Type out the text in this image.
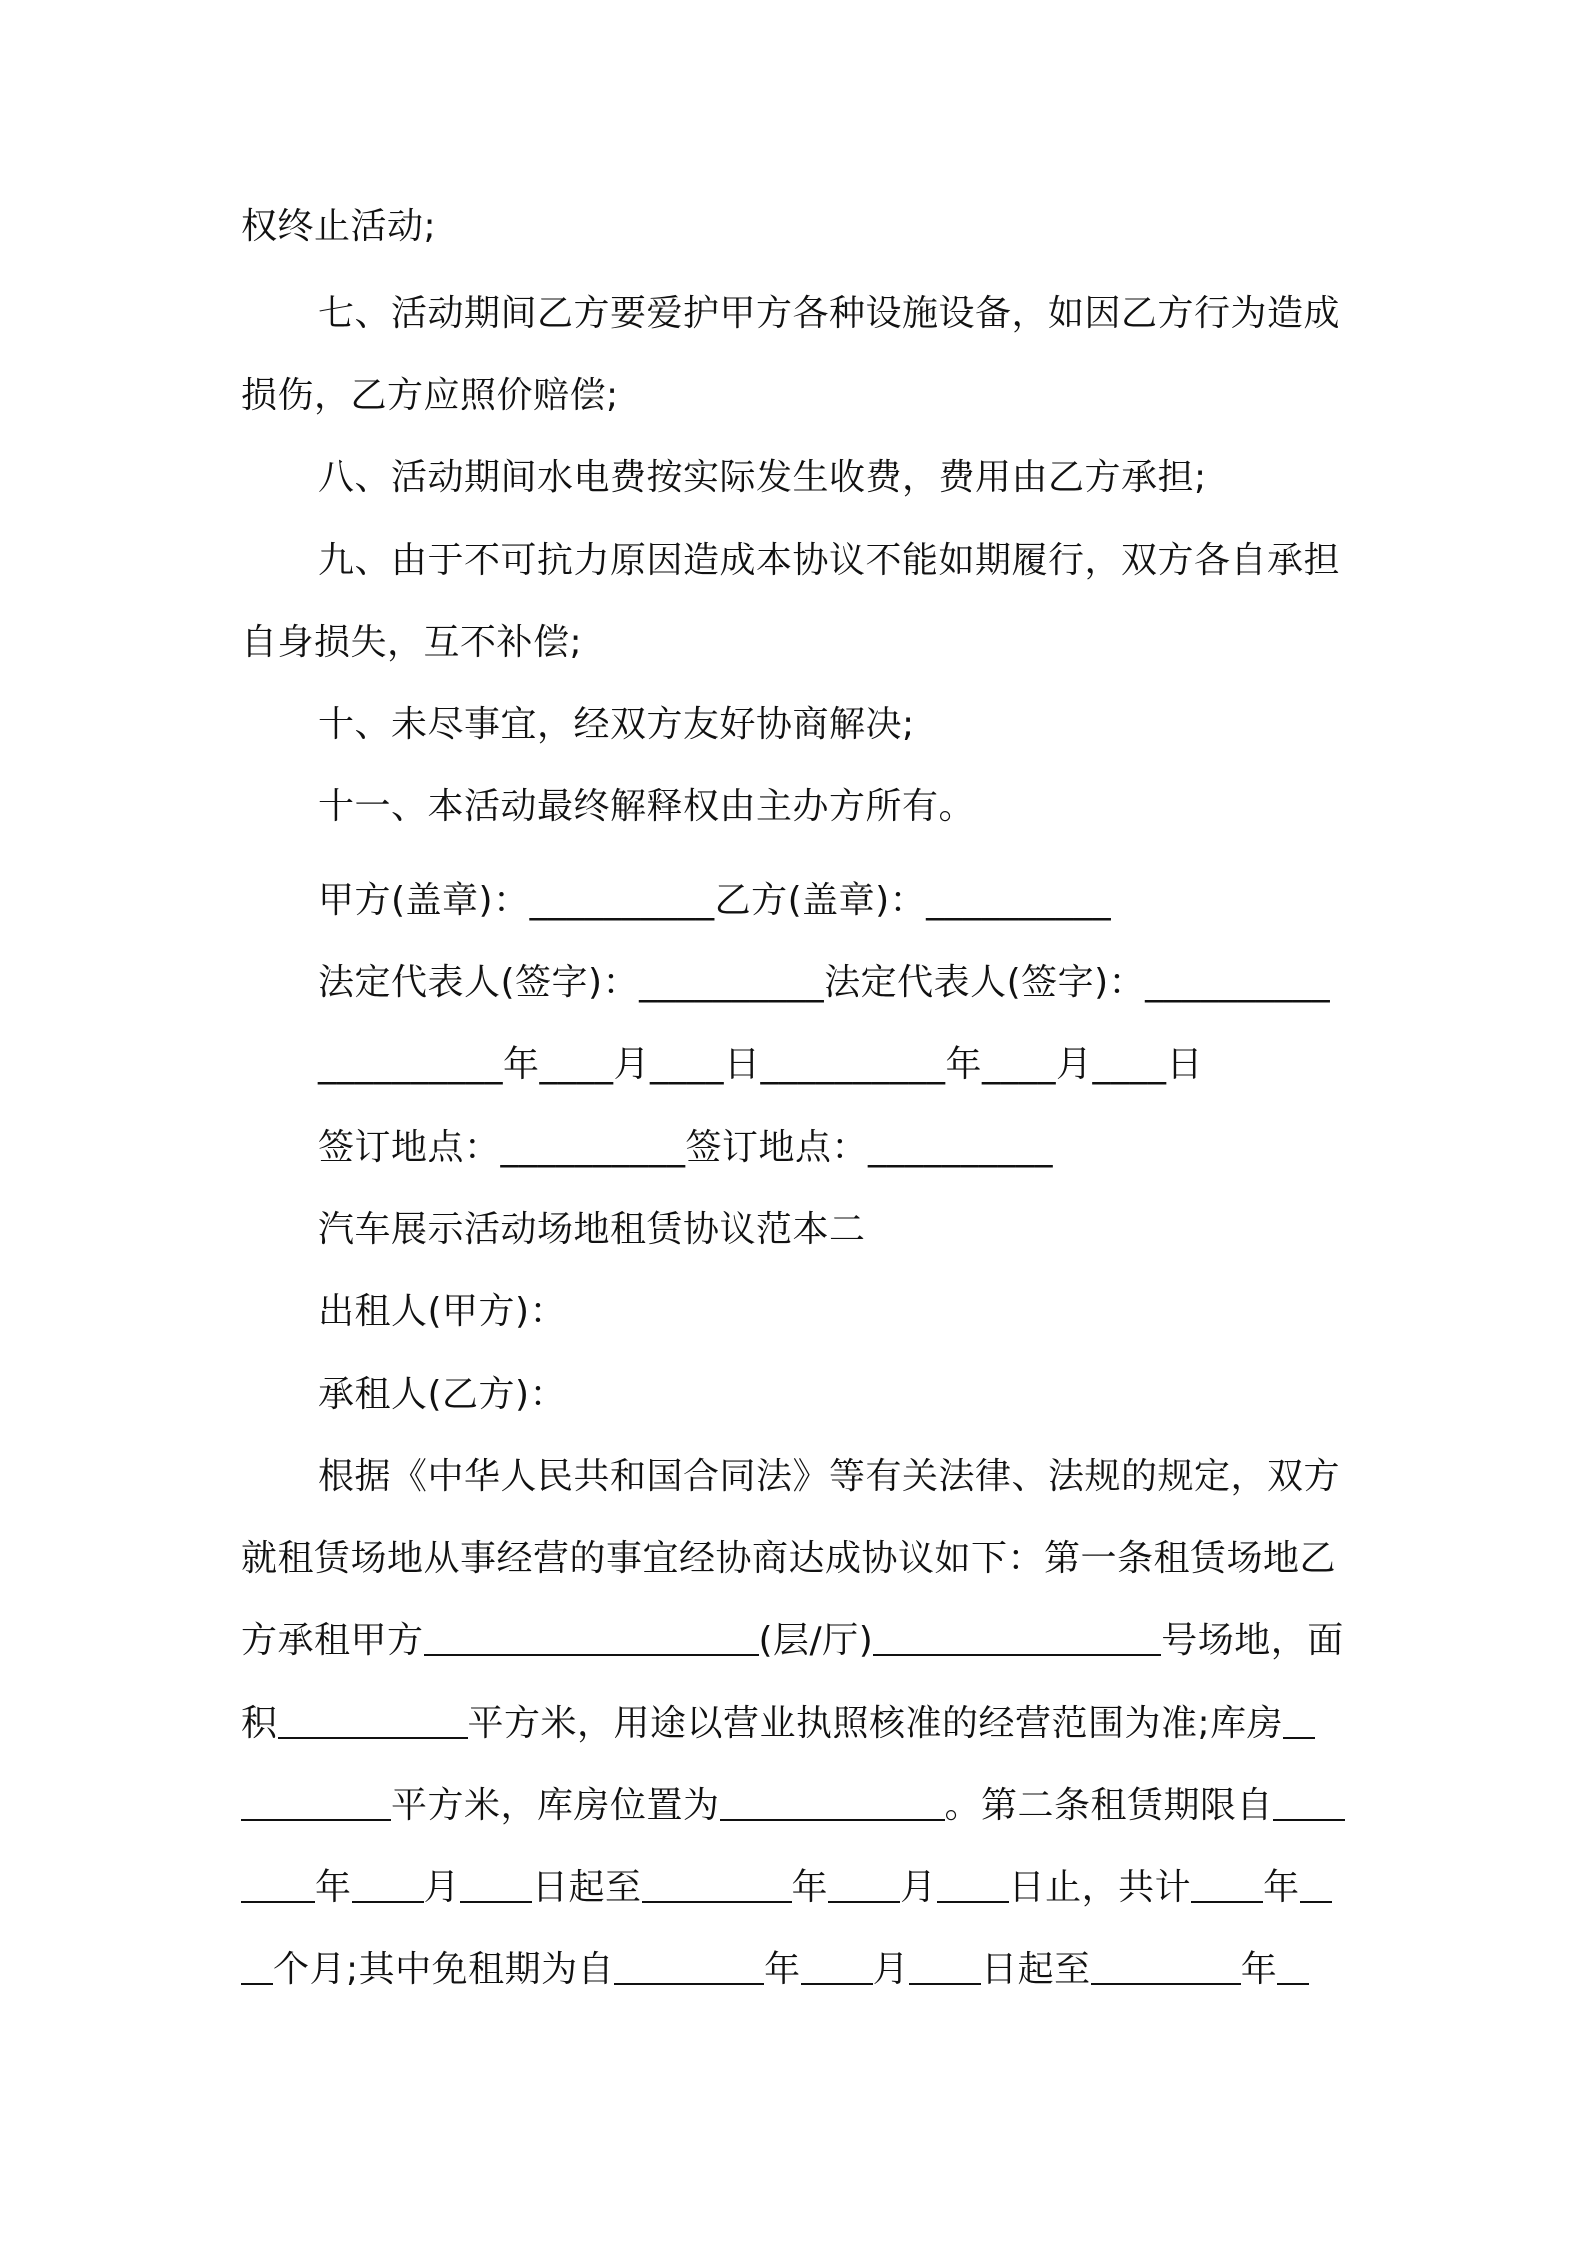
权终止活动;
七、活动期间乙方要爱护甲方各种设施设备，如因乙方行为造成
损伤，乙方应照价赔偿;
八、活动期间水电费按实际发生收费，费用由乙方承担;
九、由于不可抗力原因造成本协议不能如期履行，双方各自承担
自身损失，互不补偿;
十、未尽事宜，经双方友好协商解决;
十一、本活动最终解释权由主办方所有。
甲方(盖章)：__________乙方(盖章)：__________
法定代表人(签字)：__________法定代表人(签字)：__________
__________年____月____日__________年____月____日
签订地点：__________签订地点：__________
汽车展示活动场地租赁协议范本二
出租人(甲方)：
承租人(乙方)：
根据《中华人民共和国合同法》等有关法律、法规的规定，双方
就租赁场地从事经营的事宜经协商达成协议如下：第一条租赁场地乙
方承租甲方	(层/厅)	号场地，面
积	平方米，用途以营业执照核准的经营范围为准;库房
平方米，库房位置为	。第二条租赁期限自
年 月 日起至	年 月 日止，共计 年
个月;其中免租期为自	年 月 日起至	年
